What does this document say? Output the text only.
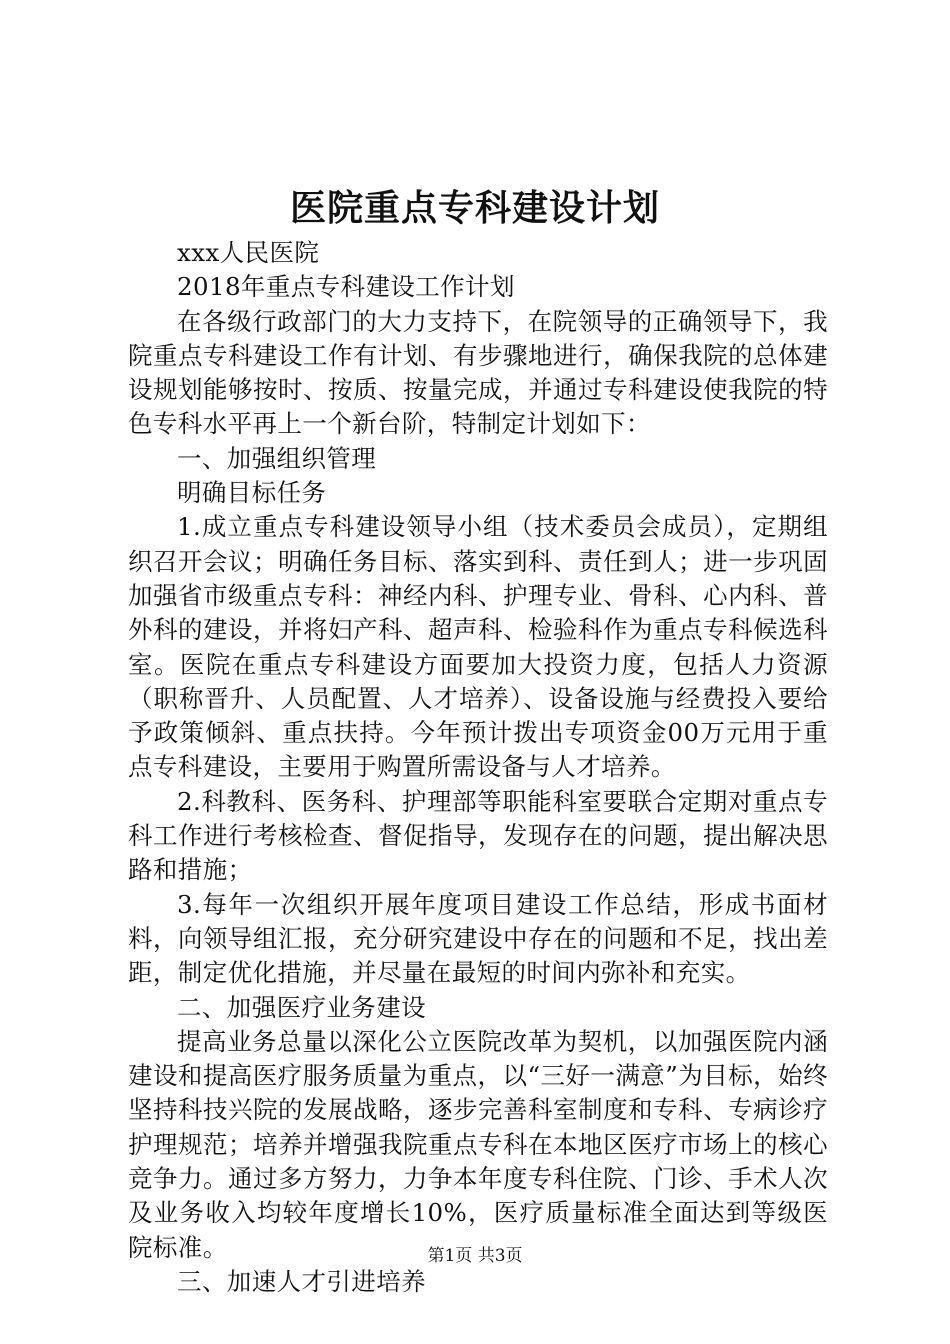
医院重点专科建设计划

xxx人民医院

2018年重点专科建设工作计划

在各级行政部门的大力支持下，在院领导的正确领导下，我院重点专科建设工作有计划、有步骤地进行，确保我院的总体建设规划能够按时、按质、按量完成，并通过专科建设使我院的特色专科水平再上一个新台阶，特制定计划如下：

一、加强组织管理

明确目标任务

1.成立重点专科建设领导小组（技术委员会成员），定期组织召开会议；明确任务目标、落实到科、责任到人；进一步巩固加强省市级重点专科：神经内科、护理专业、骨科、心内科、普外科的建设，并将妇产科、超声科、检验科作为重点专科候选科室。医院在重点专科建设方面要加大投资力度，包括人力资源（职称晋升、人员配置、人才培养）、设备设施与经费投入要给予政策倾斜、重点扶持。今年预计拨出专项资金00万元用于重点专科建设，主要用于购置所需设备与人才培养。

2.科教科、医务科、护理部等职能科室要联合定期对重点专科工作进行考核检查、督促指导，发现存在的问题，提出解决思路和措施；

3.每年一次组织开展年度项目建设工作总结，形成书面材料，向领导组汇报，充分研究建设中存在的问题和不足，找出差距，制定优化措施，并尽量在最短的时间内弥补和充实。

二、加强医疗业务建设

提高业务总量以深化公立医院改革为契机，以加强医院内涵建设和提高医疗服务质量为重点，以“三好一满意”为目标，始终坚持科技兴院的发展战略，逐步完善科室制度和专科、专病诊疗护理规范；培养并增强我院重点专科在本地区医疗市场上的核心竞争力。通过多方努力，力争本年度专科住院、门诊、手术人次及业务收入均较年度增长10%，医疗质量标准全面达到等级医院标准。

三、加速人才引进培养

第1页 共3页
